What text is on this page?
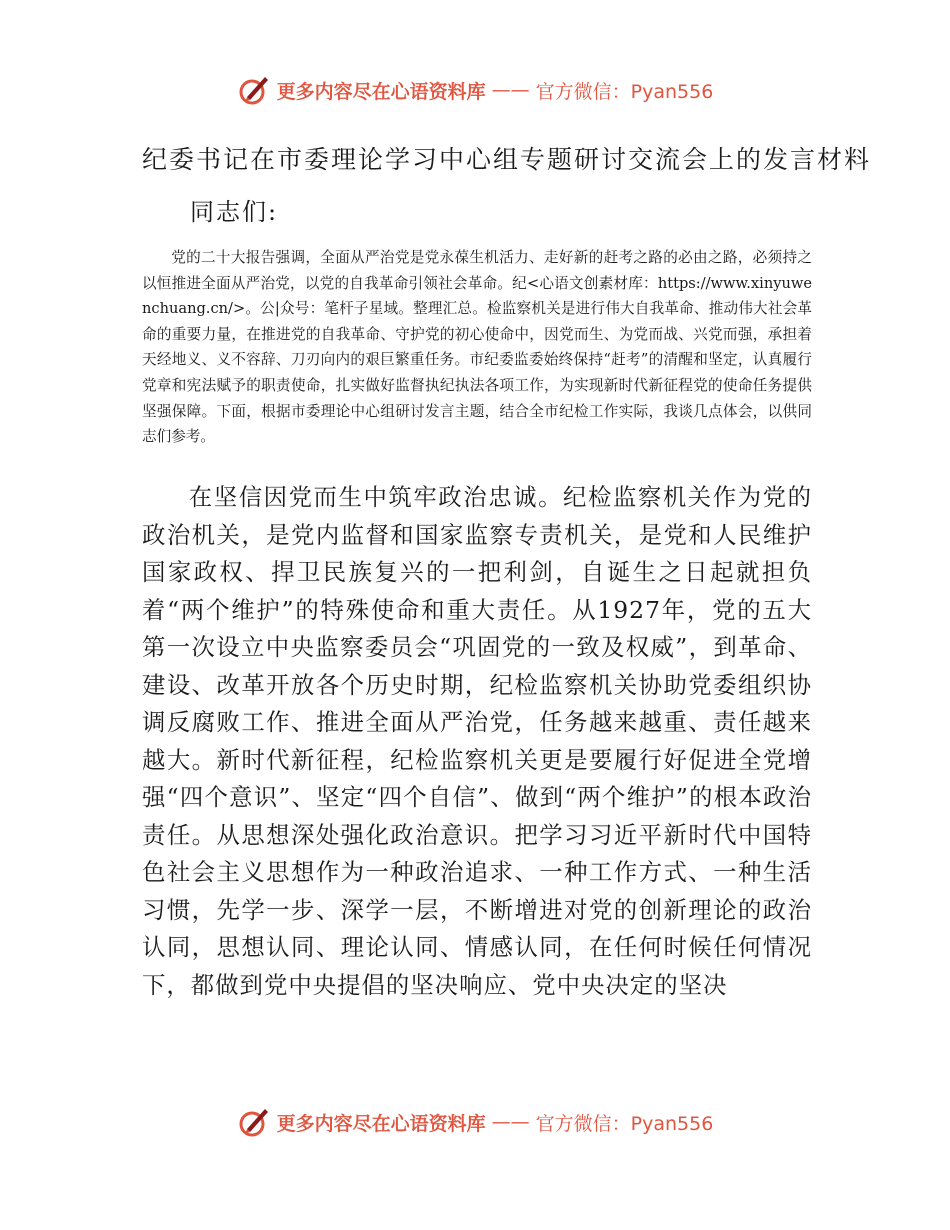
更多内容尽在心语资料库 —— 官方微信：Pyan556
纪委书记在市委理论学习中心组专题研讨交流会上的发言材料

同志们:

党的二十大报告强调，全面从严治党是党永葆生机活力、走好新的赶考之路的必由之路，必须持之以恒推进全面从严治党，以党的自我革命引领社会革命。纪<心语文创素材库：https://www.xinyuwenchuang.cn/>。公|众号：笔杆子星域。整理汇总。检监察机关是进行伟大自我革命、推动伟大社会革命的重要力量，在推进党的自我革命、守护党的初心使命中，因党而生、为党而战、兴党而强，承担着天经地义、义不容辞、刀刃向内的艰巨繁重任务。市纪委监委始终保持“赶考”的清醒和坚定，认真履行党章和宪法赋予的职责使命，扎实做好监督执纪执法各项工作，为实现新时代新征程党的使命任务提供坚强保障。下面，根据市委理论中心组研讨发言主题，结合全市纪检工作实际，我谈几点体会，以供同志们参考。

在坚信因党而生中筑牢政治忠诚。纪检监察机关作为党的政治机关，是党内监督和国家监察专责机关，是党和人民维护国家政权、捍卫民族复兴的一把利剑，自诞生之日起就担负着“两个维护”的特殊使命和重大责任。从1927年，党的五大第一次设立中央监察委员会“巩固党的一致及权威”，到革命、建设、改革开放各个历史时期，纪检监察机关协助党委组织协调反腐败工作、推进全面从严治党，任务越来越重、责任越来越大。新时代新征程，纪检监察机关更是要履行好促进全党增强“四个意识”、坚定“四个自信”、做到“两个维护”的根本政治责任。从思想深处强化政治意识。把学习习近平新时代中国特色社会主义思想作为一种政治追求、一种工作方式、一种生活习惯，先学一步、深学一层，不断增进对党的创新理论的政治认同，思想认同、理论认同、情感认同，在任何时候任何情况下，都做到党中央提倡的坚决响应、党中央决定的坚决

更多内容尽在心语资料库 —— 官方微信：Pyan556
